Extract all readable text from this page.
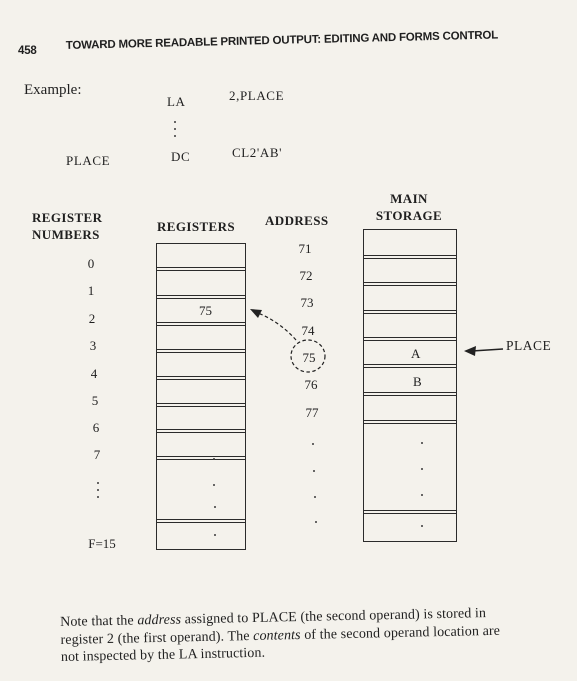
458	TOWARD MORE READABLE PRINTED OUTPUT: EDITING AND FORMS CONTROL
Example:
LA	2,PLACE
PLACE	DC	CL2'AB'
REGISTER
NUMBERS
REGISTERS ADDRESS
MAIN
STORAGE
0
1
2
3
4
5
6
7
F=15
75
71
72
73
74
75
76
77
A
B
PLACE
Note that the address assigned to PLACE (the second operand) is stored in
register 2 (the first operand). The contents of the second operand location are
not inspected by the LA instruction.
